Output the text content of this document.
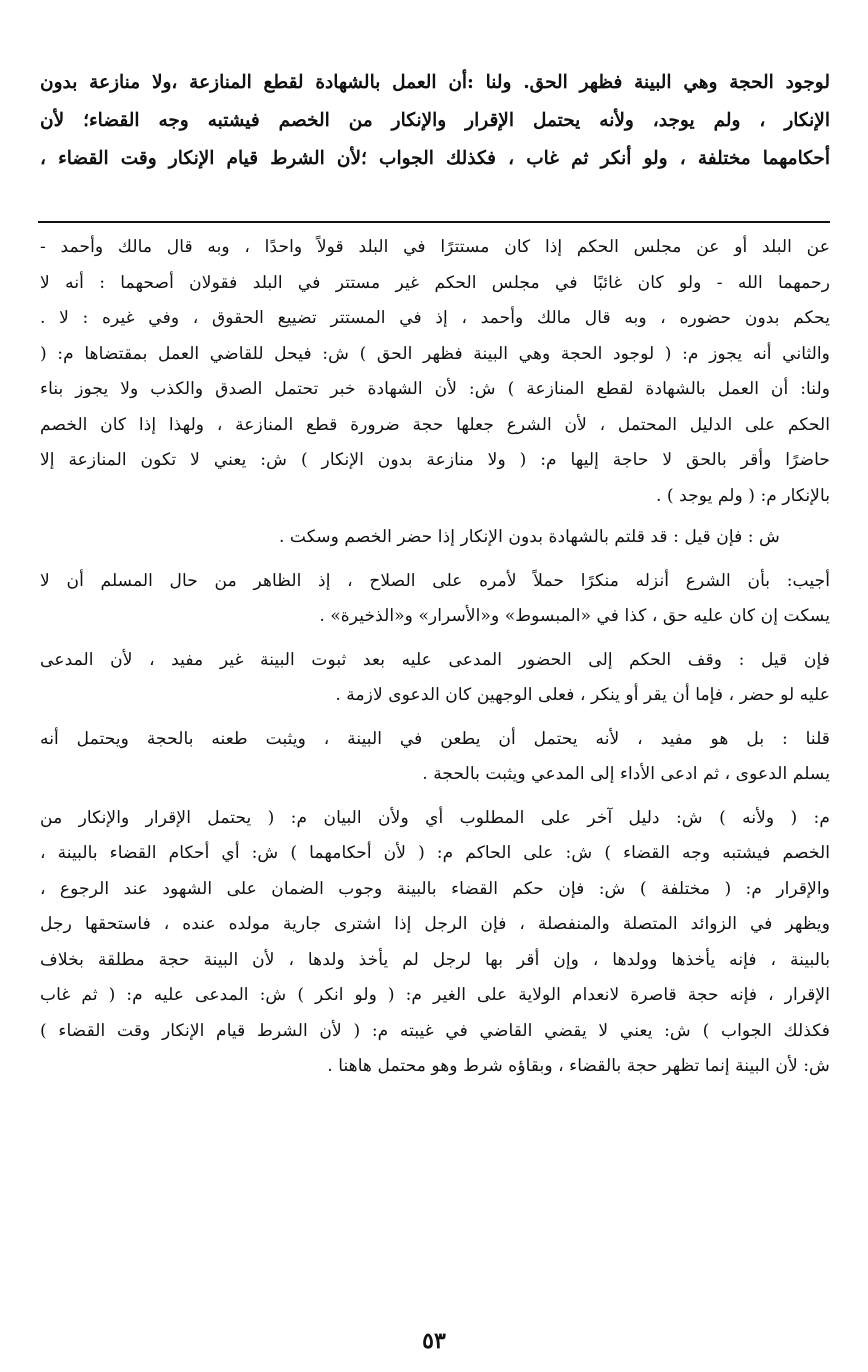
لوجود الحجة وهي البينة فظهر الحق. ولنا :أن العمل بالشهادة لقطع المنازعة ،ولا منازعة بدون
الإنكار ، ولم يوجد، ولأنه يحتمل الإقرار والإنكار من الخصم فيشتبه وجه القضاء؛ لأن
أحكامهما مختلفة ، ولو أنكر ثم غاب ، فكذلك الجواب ؛لأن الشرط قيام الإنكار وقت القضاء ،
عن البلد أو عن مجلس الحكم إذا كان مستترًا في البلد قولاً واحدًا ، وبه قال مالك وأحمد -
رحمهما الله - ولو كان غائبًا في مجلس الحكم غير مستتر في البلد فقولان أصحهما : أنه لا
يحكم بدون حضوره ، وبه قال مالك وأحمد ، إذ في المستتر تضييع الحقوق ، وفي غيره : لا .
والثاني أنه يجوز م: ( لوجود الحجة وهي البينة فظهر الحق ) ش: فيحل للقاضي العمل بمقتضاها م: (
ولنا: أن العمل بالشهادة لقطع المنازعة ) ش: لأن الشهادة خبر تحتمل الصدق والكذب ولا يجوز بناء
الحكم على الدليل المحتمل ، لأن الشرع جعلها حجة ضرورة قطع المنازعة ، ولهذا إذا كان الخصم
حاضرًا وأقر بالحق لا حاجة إليها م: ( ولا منازعة بدون الإنكار ) ش: يعني لا تكون المنازعة إلا
بالإنكار م: ( ولم يوجد ) .
ش : فإن قيل : قد قلتم بالشهادة بدون الإنكار إذا حضر الخصم وسكت .
أجيب: بأن الشرع أنزله منكرًا حملاً لأمره على الصلاح ، إذ الظاهر من حال المسلم أن لا
يسكت إن كان عليه حق ، كذا في «المبسوط» و«الأسرار» و«الذخيرة» .
فإن قيل : وقف الحكم إلى الحضور المدعى عليه بعد ثبوت البينة غير مفيد ، لأن المدعى
عليه لو حضر ، فإما أن يقر أو ينكر ، فعلى الوجهين كان الدعوى لازمة .
قلنا : بل هو مفيد ، لأنه يحتمل أن يطعن في البينة ، ويثبت طعنه بالحجة ويحتمل أنه
يسلم الدعوى ، ثم ادعى الأداء إلى المدعي ويثبت بالحجة .
م: ( ولأنه ) ش: دليل آخر على المطلوب أي ولأن البيان م: ( يحتمل الإقرار والإنكار من
الخصم فيشتبه وجه القضاء ) ش: على الحاكم م: ( لأن أحكامهما ) ش: أي أحكام القضاء بالبينة ،
والإقرار م: ( مختلفة ) ش: فإن حكم القضاء بالبينة وجوب الضمان على الشهود عند الرجوع ،
ويظهر في الزوائد المتصلة والمنفصلة ، فإن الرجل إذا اشترى جارية مولده عنده ، فاستحقها رجل
بالبينة ، فإنه يأخذها وولدها ، وإن أقر بها لرجل لم يأخذ ولدها ، لأن البينة حجة مطلقة بخلاف
الإقرار ، فإنه حجة قاصرة لانعدام الولاية على الغير م: ( ولو انكر ) ش: المدعى عليه م: ( ثم غاب
فكذلك الجواب ) ش: يعني لا يقضي القاضي في غيبته م: ( لأن الشرط قيام الإنكار وقت القضاء )
ش: لأن البينة إنما تظهر حجة بالقضاء ، وبقاؤه شرط وهو محتمل هاهنا .
٥٣
